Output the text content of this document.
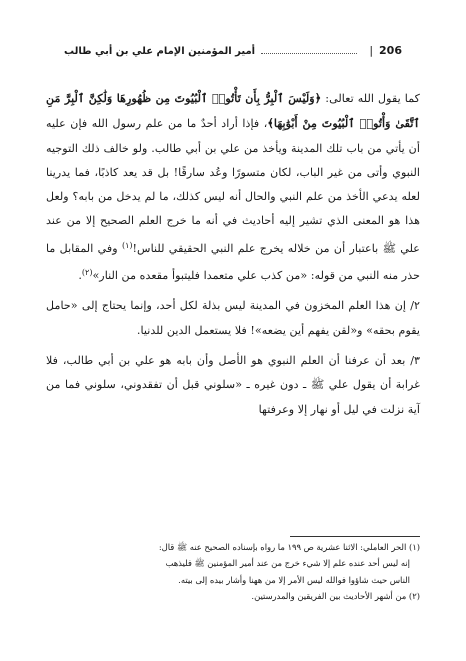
206
|
أمير المؤمنين الإمام علي بن أبي طالب

كما يقول الله تعالى: ﴿وَلَيْسَ ٱلْبِرُّ بِأَن تَأْتُوا۟ ٱلْبُيُوتَ مِن ظُهُورِهَا وَلَٰكِنَّ ٱلْبِرَّ مَنِ ٱتَّقَىٰ وَأْتُوا۟ ٱلْبُيُوتَ مِنْ أَبْوَٰبِهَا﴾، فإذا أراد أحدٌ ما من علم رسول الله فإن عليه أن يأتي من باب تلك المدينة ويأخذ من علي بن أبي طالب. ولو خالف ذلك التوجيه النبوي وأتى من غير الباب، لكان متسورًا وعُد سارقًا! بل قد يعد كاذبًا، فما يدرينا لعله يدعي الأخذ من علم النبي والحال أنه ليس كذلك، ما لم يدخل من بابه؟ ولعل هذا هو المعنى الذي تشير إليه أحاديث في أنه ما خرج العلم الصحيح إلا من عند علي ﷺ باعتبار أن من خلاله يخرج علم النبي الحقيقي للناس!$^{(١)}$ وفي المقابل ما حذر منه النبي من قوله: «من كذب علي متعمدا فليتبوأ مقعده من النار»$^{(٢)}$.

٢/ إن هذا العلم المخزون في المدينة ليس بذلة لكل أحد، وإنما يحتاج إلى «حامل يقوم بحقه» و«لقن يفهم أين يضعه»! فلا يستعمل الدين للدنيا.

٣/ بعد أن عرفنا أن العلم النبوي هو الأصل وأن بابه هو علي بن أبي طالب، فلا غرابة أن يقول علي ﷺ ـ دون غيره ـ «سلوني قبل أن تفقدوني، سلوني فما من آية نزلت في ليل أو نهار إلا وعرفتها

(١) الحر العاملي: الاثنا عشرية ص ١٩٩ ما رواه بإسناده الصحيح عنه ﷺ قال:
إنه ليس أحد عنده علم إلا شيء خرج من عند أمير المؤمنين ﷺ فليذهب
الناس حيث شاؤوا فوالله ليس الأمر إلا من ههنا وأشار بيده إلى بيته.
(٢) من أشهر الأحاديث بين الفريقين والمدرستين.
